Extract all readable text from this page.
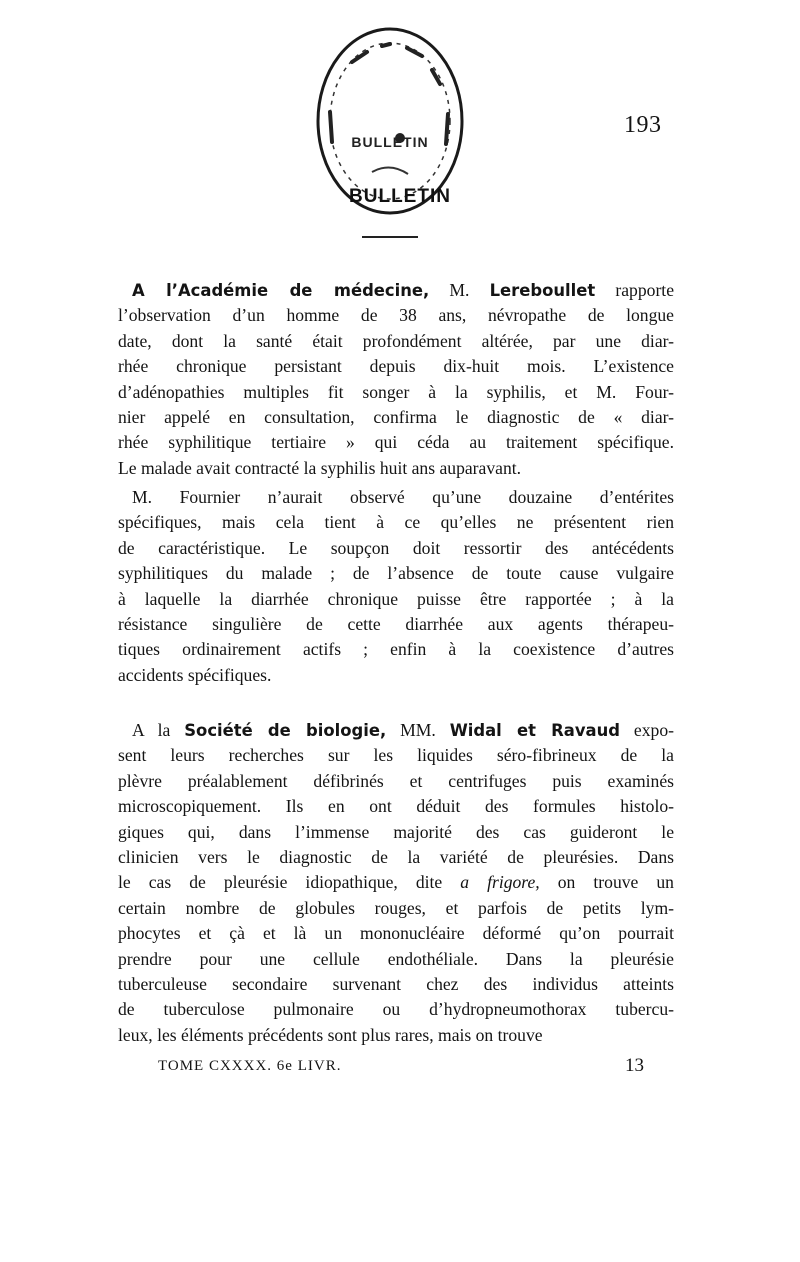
193
BULLETIN
BULLETIN
A l’Académie de médecine, M. Lereboullet rapporte
l’observation d’un homme de 38 ans, névropathe de longue
date, dont la santé était profondément altérée, par une diar-
rhée chronique persistant depuis dix-huit mois. L’existence
d’adénopathies multiples fit songer à la syphilis, et M. Four-
nier appelé en consultation, confirma le diagnostic de « diar-
rhée syphilitique tertiaire » qui céda au traitement spécifique.
Le malade avait contracté la syphilis huit ans auparavant.
M. Fournier n’aurait observé qu’une douzaine d’entérites
spécifiques, mais cela tient à ce qu’elles ne présentent rien
de caractéristique. Le soupçon doit ressortir des antécédents
syphilitiques du malade ; de l’absence de toute cause vulgaire
à laquelle la diarrhée chronique puisse être rapportée ; à la
résistance singulière de cette diarrhée aux agents thérapeu-
tiques ordinairement actifs ; enfin à la coexistence d’autres
accidents spécifiques.
A la Société de biologie, MM. Widal et Ravaud expo-
sent leurs recherches sur les liquides séro-fibrineux de la
plèvre préalablement défibrinés et centrifuges puis examinés
microscopiquement. Ils en ont déduit des formules histolo-
giques qui, dans l’immense majorité des cas guideront le
clinicien vers le diagnostic de la variété de pleurésies. Dans
le cas de pleurésie idiopathique, dite a frigore, on trouve un
certain nombre de globules rouges, et parfois de petits lym-
phocytes et çà et là un mononucléaire déformé qu’on pourrait
prendre pour une cellule endothéliale. Dans la pleurésie
tuberculeuse secondaire survenant chez des individus atteints
de tuberculose pulmonaire ou d’hydropneumothorax tubercu-
leux, les éléments précédents sont plus rares, mais on trouve
TOME CXXXX. 6e LIVR.	13
